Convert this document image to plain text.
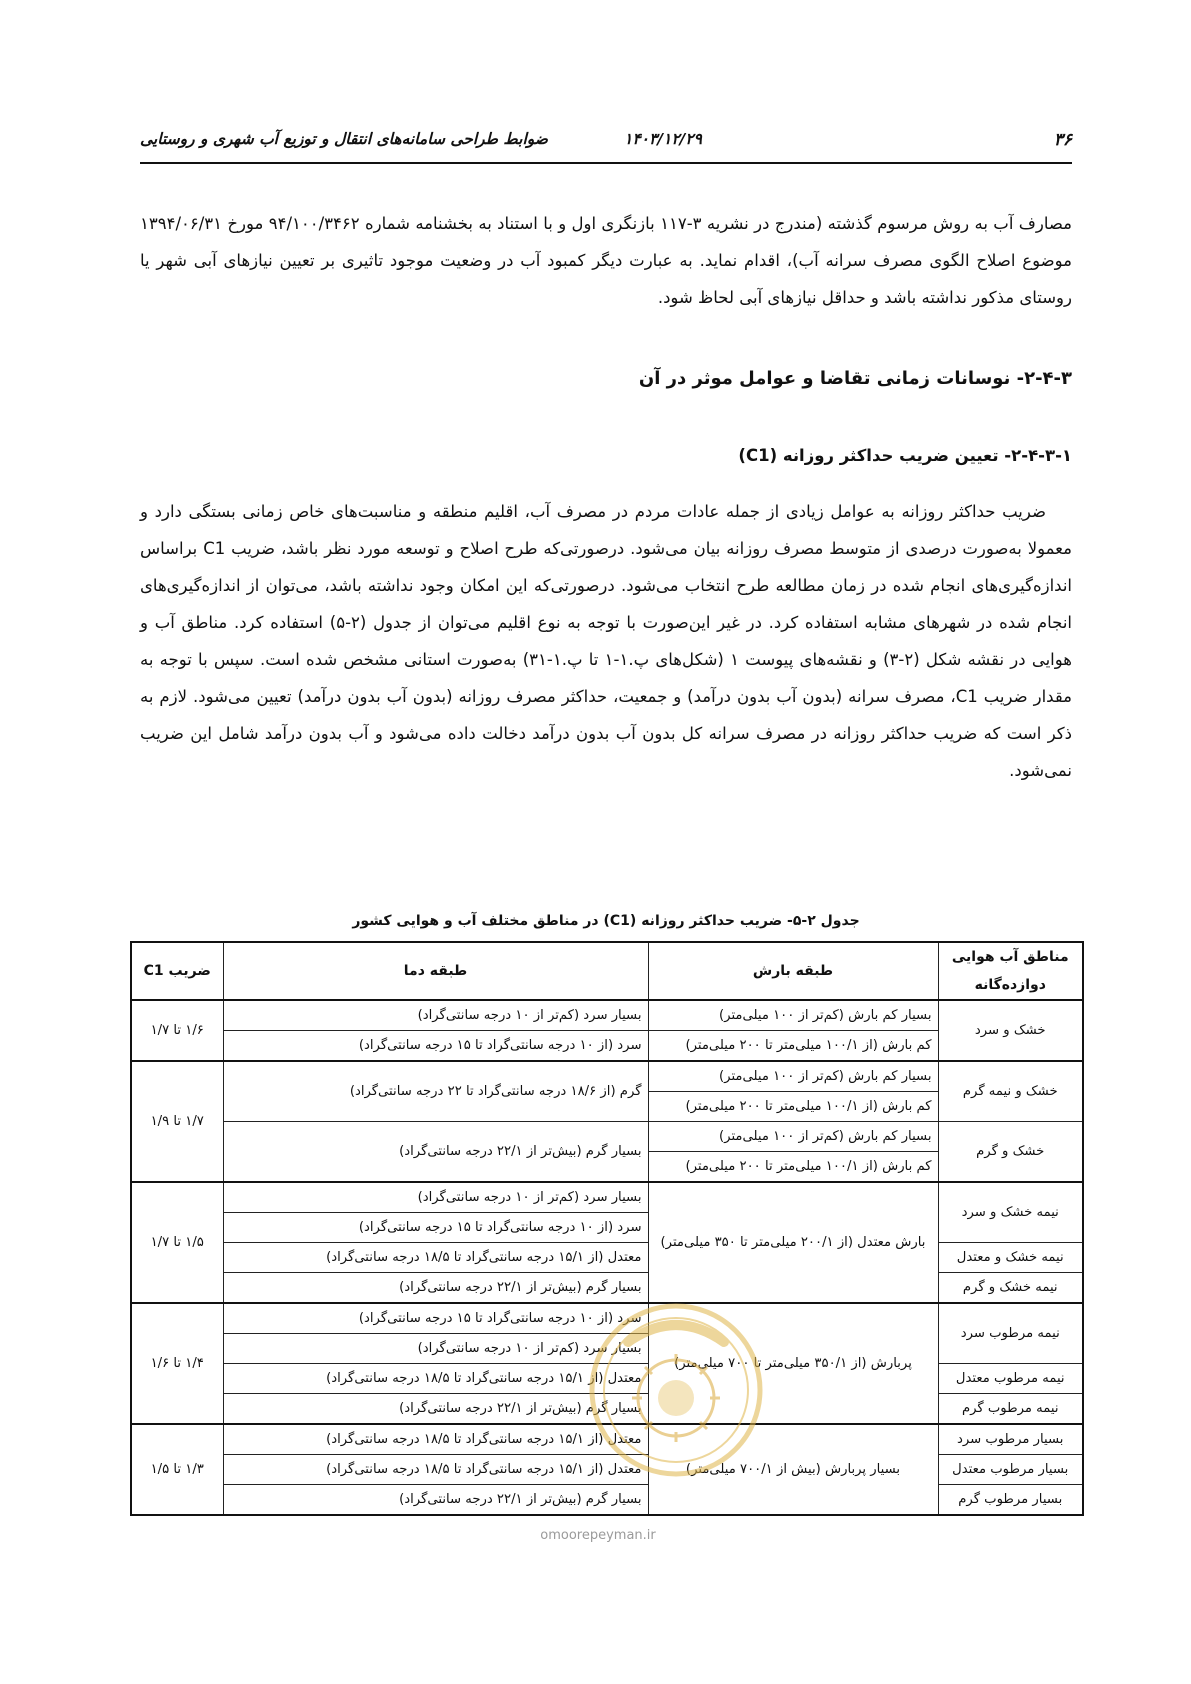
۳۶
۱۴۰۳/۱۲/۲۹
ضوابط طراحی سامانه‌های انتقال و توزیع آب شهری و روستایی
مصارف آب به روش مرسوم گذشته (مندرج در نشریه ۳-۱۱۷ بازنگری اول و با استناد به بخشنامه شماره ۹۴/۱۰۰/۳۴۶۲ مورخ ۱۳۹۴/۰۶/۳۱ موضوع اصلاح الگوی مصرف سرانه آب)، اقدام نماید. به عبارت دیگر کمبود آب در وضعیت موجود تاثیری بر تعیین نیازهای آبی شهر یا روستای مذکور نداشته باشد و حداقل نیازهای آبی لحاظ شود.
۲-۴-۳- نوسانات زمانی تقاضا و عوامل موثر در آن
۲-۴-۳-۱- تعیین ضریب حداکثر روزانه (C1)
ضریب حداکثر روزانه به عوامل زیادی از جمله عادات مردم در مصرف آب، اقلیم منطقه و مناسبت‌های خاص زمانی بستگی دارد و معمولا به‌صورت درصدی از متوسط مصرف روزانه بیان می‌شود. درصورتی‌که طرح اصلاح و توسعه مورد نظر باشد، ضریب C1 براساس اندازه‌گیری‌های انجام شده در زمان مطالعه طرح انتخاب می‌شود. درصورتی‌که این امکان وجود نداشته باشد، می‌توان از اندازه‌گیری‌های انجام شده در شهرهای مشابه استفاده کرد. در غیر این‌صورت با توجه به نوع اقلیم می‌توان از جدول (۲-۵) استفاده کرد. مناطق آب و هوایی در نقشه شکل (۲-۳) و نقشه‌های پیوست ۱ (شکل‌های پ.۱-۱ تا پ.۱-۳۱) به‌صورت استانی مشخص شده است. سپس با توجه به مقدار ضریب C1، مصرف سرانه (بدون آب بدون درآمد) و جمعیت، حداکثر مصرف روزانه (بدون آب بدون درآمد) تعیین می‌شود. لازم به ذکر است که ضریب حداکثر روزانه در مصرف سرانه کل بدون آب بدون درآمد دخالت داده می‌شود و آب بدون درآمد شامل این ضریب نمی‌شود.
جدول ۲-۵- ضریب حداکثر روزانه (C1) در مناطق مختلف آب و هوایی کشور
مناطق آب هوایی دوازده‌گانه	طبقه بارش	طبقه دما	ضریب C1
خشک و سرد	بسیار کم بارش (کم‌تر از ۱۰۰ میلی‌متر)	بسیار سرد (کم‌تر از ۱۰ درجه سانتی‌گراد)	۱/۶ تا ۱/۷
	کم بارش (از ۱۰۰/۱ میلی‌متر تا ۲۰۰ میلی‌متر)	سرد (از ۱۰ درجه سانتی‌گراد تا ۱۵ درجه سانتی‌گراد)	
خشک و نیمه گرم	بسیار کم بارش (کم‌تر از ۱۰۰ میلی‌متر)	گرم (از ۱۸/۶ درجه سانتی‌گراد تا ۲۲ درجه سانتی‌گراد)	۱/۷ تا ۱/۹
	کم بارش (از ۱۰۰/۱ میلی‌متر تا ۲۰۰ میلی‌متر)		
خشک و گرم	بسیار کم بارش (کم‌تر از ۱۰۰ میلی‌متر)	بسیار گرم (بیش‌تر از ۲۲/۱ درجه سانتی‌گراد)	
	کم بارش (از ۱۰۰/۱ میلی‌متر تا ۲۰۰ میلی‌متر)		
نیمه خشک و سرد	بارش معتدل (از ۲۰۰/۱ میلی‌متر تا ۳۵۰ میلی‌متر)	بسیار سرد (کم‌تر از ۱۰ درجه سانتی‌گراد)	۱/۵ تا ۱/۷
		سرد (از ۱۰ درجه سانتی‌گراد تا ۱۵ درجه سانتی‌گراد)	
نیمه خشک و معتدل		معتدل (از ۱۵/۱ درجه سانتی‌گراد تا ۱۸/۵ درجه سانتی‌گراد)	
نیمه خشک و گرم		بسیار گرم (بیش‌تر از ۲۲/۱ درجه سانتی‌گراد)	
نیمه مرطوب سرد	پربارش (از ۳۵۰/۱ میلی‌متر تا ۷۰۰ میلی‌متر)	سرد (از ۱۰ درجه سانتی‌گراد تا ۱۵ درجه سانتی‌گراد)	۱/۴ تا ۱/۶
		بسیار سرد (کم‌تر از ۱۰ درجه سانتی‌گراد)	
نیمه مرطوب معتدل		معتدل (از ۱۵/۱ درجه سانتی‌گراد تا ۱۸/۵ درجه سانتی‌گراد)	
نیمه مرطوب گرم		بسیار گرم (بیش‌تر از ۲۲/۱ درجه سانتی‌گراد)	
بسیار مرطوب سرد	بسیار پربارش (بیش از ۷۰۰/۱ میلی‌متر)	معتدل (از ۱۵/۱ درجه سانتی‌گراد تا ۱۸/۵ درجه سانتی‌گراد)	۱/۳ تا ۱/۵
بسیار مرطوب معتدل		معتدل (از ۱۵/۱ درجه سانتی‌گراد تا ۱۸/۵ درجه سانتی‌گراد)	
بسیار مرطوب گرم		بسیار گرم (بیش‌تر از ۲۲/۱ درجه سانتی‌گراد)	
omoorepeyman.ir
